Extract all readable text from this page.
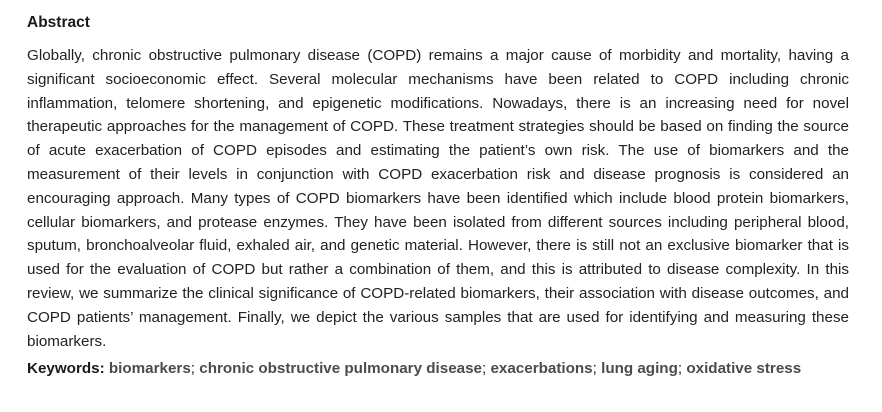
Abstract

Globally, chronic obstructive pulmonary disease (COPD) remains a major cause of morbidity and mortality, having a significant socioeconomic effect. Several molecular mechanisms have been related to COPD including chronic inflammation, telomere shortening, and epigenetic modifications. Nowadays, there is an increasing need for novel therapeutic approaches for the management of COPD. These treatment strategies should be based on finding the source of acute exacerbation of COPD episodes and estimating the patient’s own risk. The use of biomarkers and the measurement of their levels in conjunction with COPD exacerbation risk and disease prognosis is considered an encouraging approach. Many types of COPD biomarkers have been identified which include blood protein biomarkers, cellular biomarkers, and protease enzymes. They have been isolated from different sources including peripheral blood, sputum, bronchoalveolar fluid, exhaled air, and genetic material. However, there is still not an exclusive biomarker that is used for the evaluation of COPD but rather a combination of them, and this is attributed to disease complexity. In this review, we summarize the clinical significance of COPD-related biomarkers, their association with disease outcomes, and COPD patients’ management. Finally, we depict the various samples that are used for identifying and measuring these biomarkers.

Keywords: biomarkers; chronic obstructive pulmonary disease; exacerbations; lung aging; oxidative stress
